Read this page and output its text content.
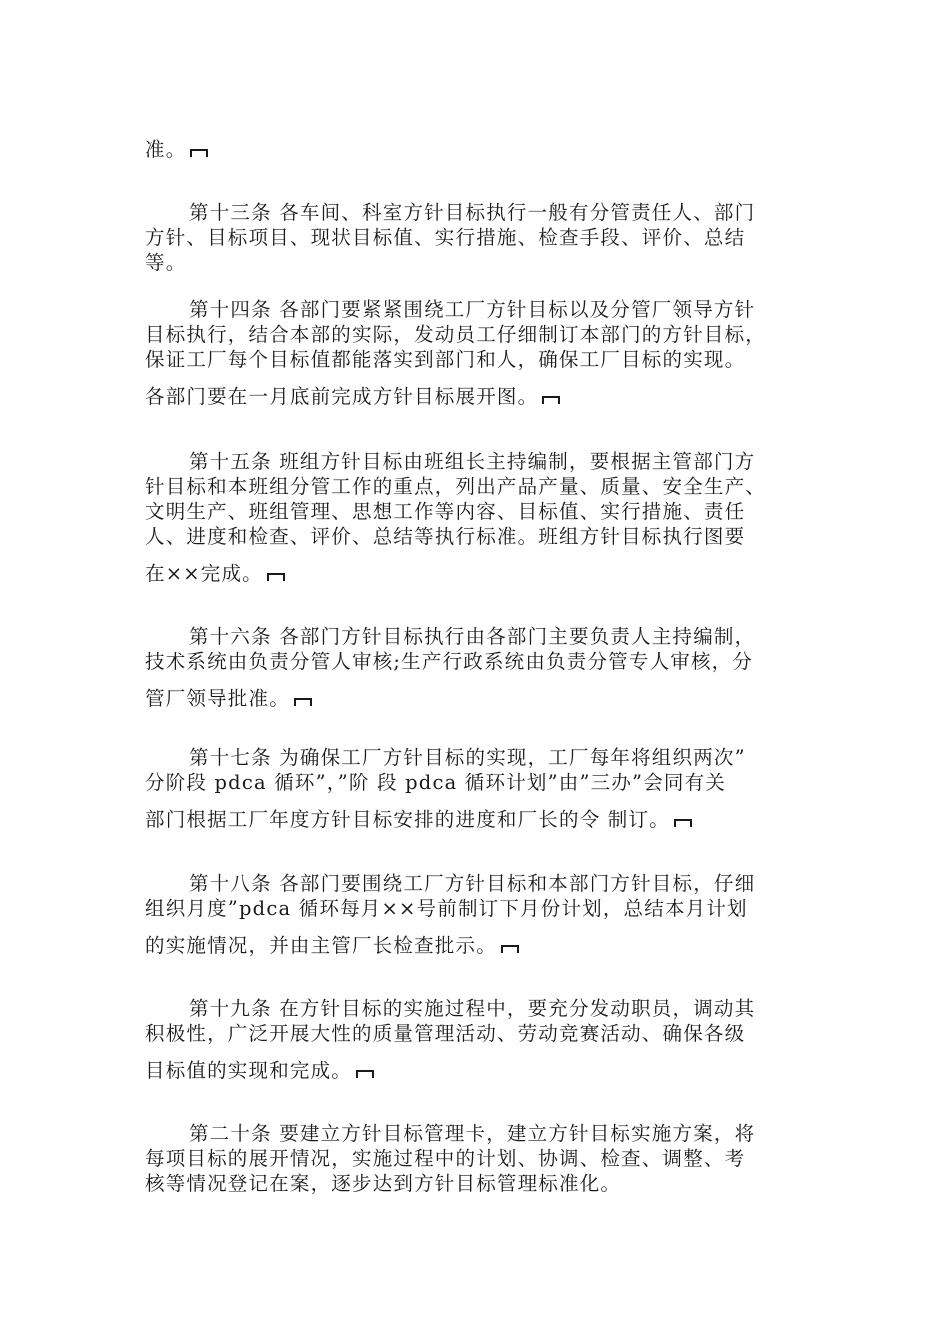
准。
第十三条 各车间、科室方针目标执行一般有分管责任人、部门
方针、目标项目、现状目标值、实行措施、检查手段、评价、总结
等。
第十四条 各部门要紧紧围绕工厂方针目标以及分管厂领导方针
目标执行，结合本部的实际，发动员工仔细制订本部门的方针目标，
保证工厂每个目标值都能落实到部门和人，确保工厂目标的实现。
各部门要在一月底前完成方针目标展开图。
第十五条 班组方针目标由班组长主持编制，要根据主管部门方
针目标和本班组分管工作的重点，列出产品产量、质量、安全生产、
文明生产、班组管理、思想工作等内容、目标值、实行措施、责任
人、进度和检查、评价、总结等执行标准。班组方针目标执行图要
在××完成。
第十六条 各部门方针目标执行由各部门主要负责人主持编制，
技术系统由负责分管人审核;生产行政系统由负责分管专人审核，分
管厂领导批准。
第十七条 为确保工厂方针目标的实现，工厂每年将组织两次”
分阶段 pdca 循环”，”阶 段 pdca 循环计划”由”三办”会同有关
部门根据工厂年度方针目标安排的进度和厂长的令 制订。
第十八条 各部门要围绕工厂方针目标和本部门方针目标，仔细
组织月度”pdca 循环每月××号前制订下月份计划，总结本月计划
的实施情况，并由主管厂长检查批示。
第十九条 在方针目标的实施过程中，要充分发动职员，调动其
积极性，广泛开展大性的质量管理活动、劳动竞赛活动、确保各级
目标值的实现和完成。
第二十条 要建立方针目标管理卡，建立方针目标实施方案，将
每项目标的展开情况，实施过程中的计划、协调、检查、调整、考
核等情况登记在案，逐步达到方针目标管理标准化。
